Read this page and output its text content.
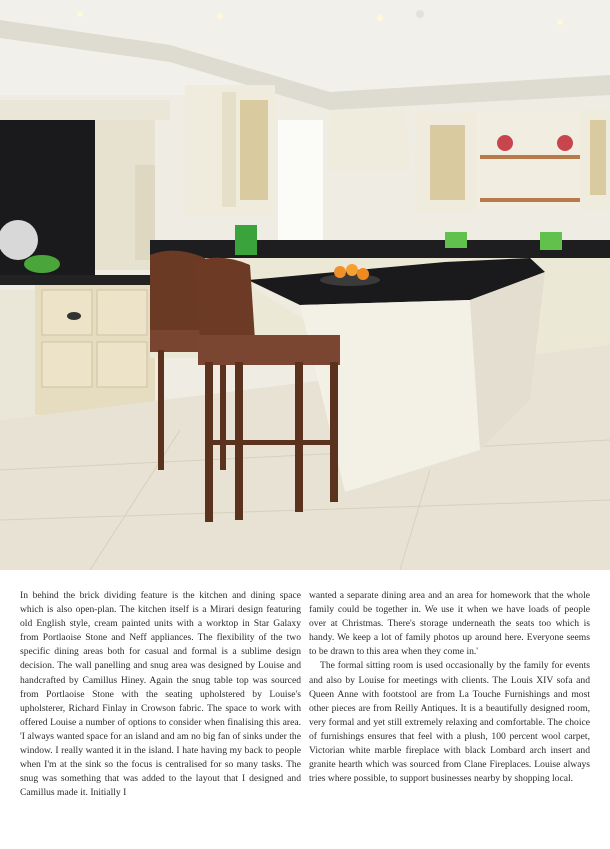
In behind the brick dividing feature is the kitchen and dining space which is also open-plan. The kitchen itself is a Mirari design featuring old English style, cream painted units with a worktop in Star Galaxy from Portlaoise Stone and Neff appliances. The flexibility of the two specific dining areas both for casual and formal is a sublime design decision. The wall panelling and snug area was designed by Louise and handcrafted by Camillus Hiney. Again the snug table top was sourced from Portlaoise Stone with the seating upholstered by Louise's upholsterer, Richard Finlay in Crowson fabric. The space to work with offered Louise a number of options to consider when finalising this area. 'I always wanted space for an island and am no big fan of sinks under the window. I really wanted it in the island. I hate having my back to people when I'm at the sink so the focus is centralised for so many tasks. The snug was something that was added to the layout that I designed and Camillus made it. Initially I

wanted a separate dining area and an area for homework that the whole family could be together in. We use it when we have loads of people over at Christmas. There's storage underneath the seats too which is handy. We keep a lot of family photos up around here. Everyone seems to be drawn to this area when they come in.'

The formal sitting room is used occasionally by the family for events and also by Louise for meetings with clients. The Louis XIV sofa and Queen Anne with footstool are from La Touche Furnishings and most other pieces are from Reilly Antiques. It is a beautifully designed room, very formal and yet still extremely relaxing and comfortable. The choice of furnishings ensures that feel with a plush, 100 percent wool carpet, Victorian white marble fireplace with black Lombard arch insert and granite hearth which was sourced from Clane Fireplaces. Louise always tries where possible, to support businesses nearby by shopping local.
